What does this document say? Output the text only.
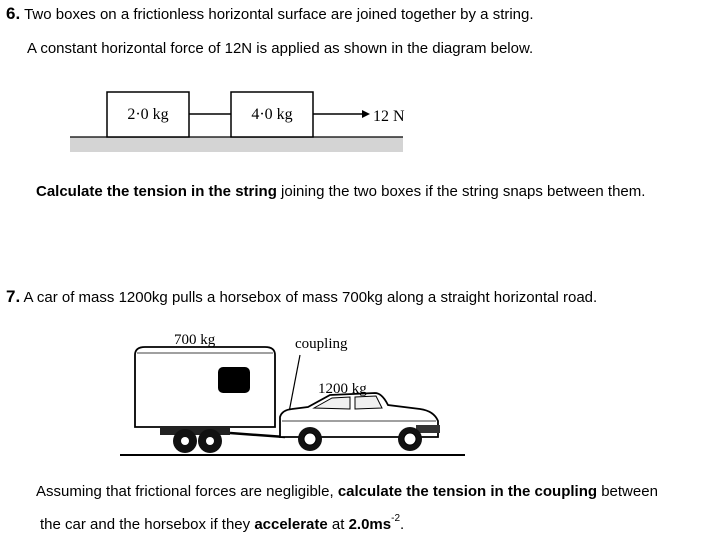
6. Two boxes on a frictionless horizontal surface are joined together by a string.
A constant horizontal force of 12N is applied as shown in the diagram below.
2·0 kg	4·0 kg	12 N
Calculate the tension in the string joining the two boxes if the string snaps between them.
7. A car of mass 1200kg pulls a horsebox of mass 700kg along a straight horizontal road.
700 kg	coupling
1200 kg
Assuming that frictional forces are negligible, calculate the tension in the coupling between
the car and the horsebox if they accelerate at $2.0ms^{-2}$.
